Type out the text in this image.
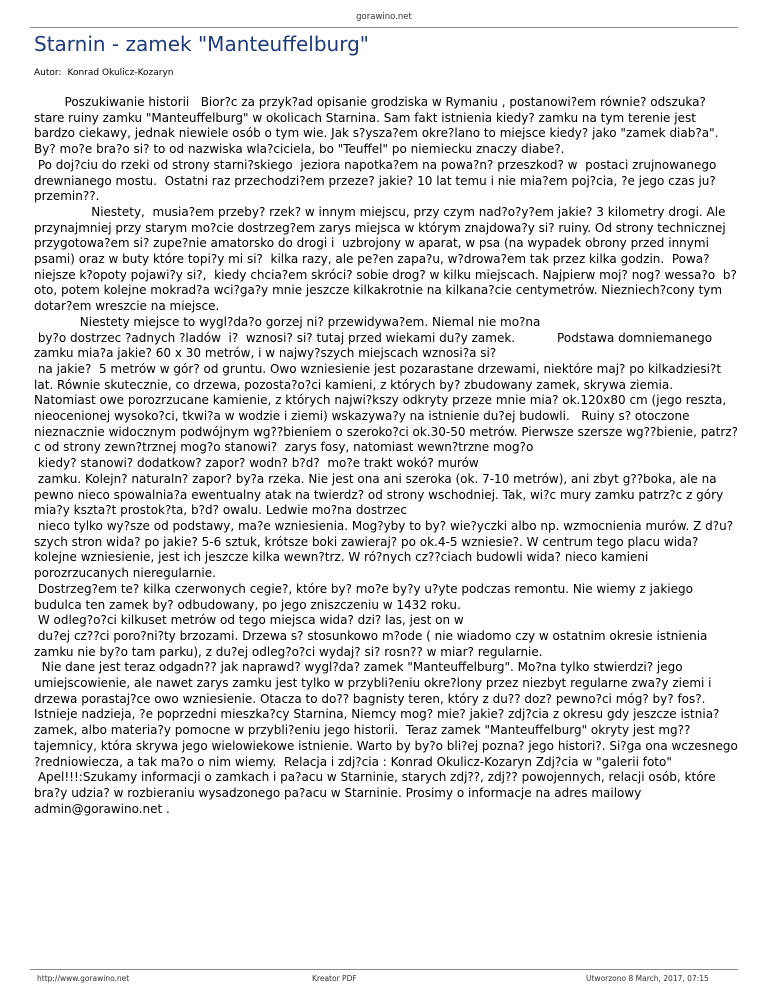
gorawino.net
Starnin - zamek "Manteuffelburg"
Autor: Konrad Okulicz-Kozaryn

Poszukiwanie historii   Bior?c za przyk?ad opisanie grodziska w Rymaniu , postanowi?em równie? odszuka? stare ruiny zamku "Manteuffelburg" w okolicach Starnina. Sam fakt istnienia kiedy? zamku na tym terenie jest bardzo ciekawy, jednak niewiele osób o tym wie. Jak s?ysza?em okre?lano to miejsce kiedy? jako "zamek diab?a". By? mo?e bra?o si? to od nazwiska wla?ciciela, bo "Teuffel" po niemiecku znaczy diabe?.

Po doj?ciu do rzeki od strony starni?skiego  jeziora napotka?em na powa?n? przeszkod? w  postaci zrujnowanego drewnianego mostu.  Ostatni raz przechodzi?em przeze? jakie? 10 lat temu i nie mia?em poj?cia, ?e jego czas ju? przemin??.

Niestety,  musia?em przeby? rzek? w innym miejscu, przy czym nad?o?y?em jakie? 3 kilometry drogi. Ale przynajmniej przy starym mo?cie dostrzeg?em zarys miejsca w którym znajdowa?y si? ruiny. Od strony technicznej przygotowa?em si? zupe?nie amatorsko do drogi i  uzbrojony w aparat, w psa (na wypadek obrony przed innymi psami) oraz w buty które topi?y mi si?  kilka razy, ale pe?en zapa?u, w?drowa?em tak przez kilka godzin.  Powa?niejsze k?opoty pojawi?y si?,  kiedy chcia?em skróci? sobie drog? w kilku miejscach. Najpierw moj? nog? wessa?o  b?oto, potem kolejne mokrad?a wci?ga?y mnie jeszcze kilkakrotnie na kilkana?cie centymetrów. Niezniech?cony tym dotar?em wreszcie na miejsce.

Niestety miejsce to wygl?da?o gorzej ni? przewidywa?em. Niemal nie mo?na

by?o dostrzec ?adnych ?ladów  i?  wznosi? si? tutaj przed wiekami du?y zamek.           Podstawa domniemanego zamku mia?a jakie? 60 x 30 metrów, i w najwy?szych miejscach wznosi?a si?

na jakie?  5 metrów w gór? od gruntu. Owo wzniesienie jest pozarastane drzewami, niektóre maj? po kilkadziesi?t lat. Równie skutecznie, co drzewa, pozosta?o?ci kamieni, z których by? zbudowany zamek, skrywa ziemia. Natomiast owe porozrzucane kamienie, z których najwi?kszy odkryty przeze mnie mia? ok.120x80 cm (jego reszta, nieocenionej wysoko?ci, tkwi?a w wodzie i ziemi) wskazywa?y na istnienie du?ej budowli.   Ruiny s? otoczone nieznacznie widocznym podwójnym wg??bieniem o szeroko?ci ok.30-50 metrów. Pierwsze szersze wg??bienie, patrz?c od strony zewn?trznej mog?o stanowi?  zarys fosy, natomiast wewn?trzne mog?o

kiedy? stanowi? dodatkow? zapor? wodn? b?d?  mo?e trakt wokó? murów

zamku. Kolejn? naturaln? zapor? by?a rzeka. Nie jest ona ani szeroka (ok. 7-10 metrów), ani zbyt g??boka, ale na pewno nieco spowalnia?a ewentualny atak na twierdz? od strony wschodniej. Tak, wi?c mury zamku patrz?c z góry mia?y kszta?t prostok?ta, b?d? owalu. Ledwie mo?na dostrzec

nieco tylko wy?sze od podstawy, ma?e wzniesienia. Mog?yby to by? wie?yczki albo np. wzmocnienia murów. Z d?u?szych stron wida? po jakie? 5-6 sztuk, krótsze boki zawieraj? po ok.4-5 wzniesie?. W centrum tego placu wida? kolejne wzniesienie, jest ich jeszcze kilka wewn?trz. W ró?nych cz??ciach budowli wida? nieco kamieni porozrzucanych nieregularnie.

Dostrzeg?em te? kilka czerwonych cegie?, które by? mo?e by?y u?yte podczas remontu. Nie wiemy z jakiego budulca ten zamek by? odbudowany, po jego zniszczeniu w 1432 roku.

W odleg?o?ci kilkuset metrów od tego miejsca wida? dzi? las, jest on w

du?ej cz??ci poro?ni?ty brzozami. Drzewa s? stosunkowo m?ode ( nie wiadomo czy w ostatnim okresie istnienia zamku nie by?o tam parku), z du?ej odleg?o?ci wydaj? si? rosn?? w miar? regularnie.

Nie dane jest teraz odgadn?? jak naprawd? wygl?da? zamek "Manteuffelburg". Mo?na tylko stwierdzi? jego umiejscowienie, ale nawet zarys zamku jest tylko w przybli?eniu okre?lony przez niezbyt regularne zwa?y ziemi i drzewa porastaj?ce owo wzniesienie. Otacza to do?? bagnisty teren, który z du?? doz? pewno?ci móg? by? fos?. Istnieje nadzieja, ?e poprzedni mieszka?cy Starnina, Niemcy mog? mie? jakie? zdj?cia z okresu gdy jeszcze istnia? zamek, albo materia?y pomocne w przybli?eniu jego historii.  Teraz zamek "Manteuffelburg" okryty jest mg?? tajemnicy, która skrywa jego wielowiekowe istnienie. Warto by by?o bli?ej pozna? jego histori?. Si?ga ona wczesnego ?redniowiecza, a tak ma?o o nim wiemy.  Relacja i zdj?cia : Konrad Okulicz-Kozaryn Zdj?cia w "galerii foto"

Apel!!!:Szukamy informacji o zamkach i pa?acu w Starninie, starych zdj??, zdj?? powojennych, relacji osób, które bra?y udzia? w rozbieraniu wysadzonego pa?acu w Starninie. Prosimy o informacje na adres mailowy admin@gorawino.net .

http://www.gorawino.net	Kreator PDF	Utworzono 8 March, 2017, 07:15
